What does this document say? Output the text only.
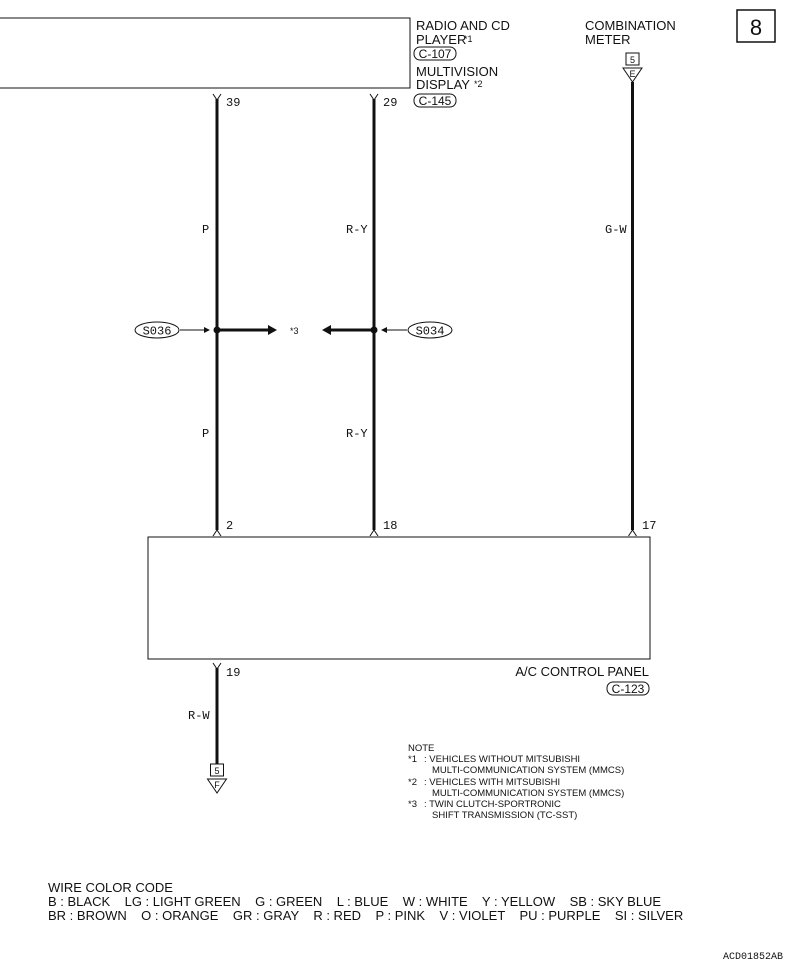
8
RADIO AND CD
PLAYER
*1
C-107
MULTIVISION
DISPLAY *2
C-145
COMBINATION
METER
5
E
39
P
P
2
29
R-Y
R-Y
18
G-W
17
*3
S036	S034
A/C CONTROL PANEL
C-123
19
R-W
5
F
NOTE
*1 : VEHICLES WITHOUT MITSUBISHI
MULTI-COMMUNICATION SYSTEM (MMCS)
*2 : VEHICLES WITH MITSUBISHI
MULTI-COMMUNICATION SYSTEM (MMCS)
*3 : TWIN CLUTCH-SPORTRONIC
SHIFT TRANSMISSION (TC-SST)
WIRE COLOR CODE
B : BLACK    LG : LIGHT GREEN    G : GREEN    L : BLUE    W : WHITE    Y : YELLOW    SB : SKY BLUE
BR : BROWN    O : ORANGE    GR : GRAY    R : RED    P : PINK    V : VIOLET    PU : PURPLE    SI : SILVER
ACD01852AB
